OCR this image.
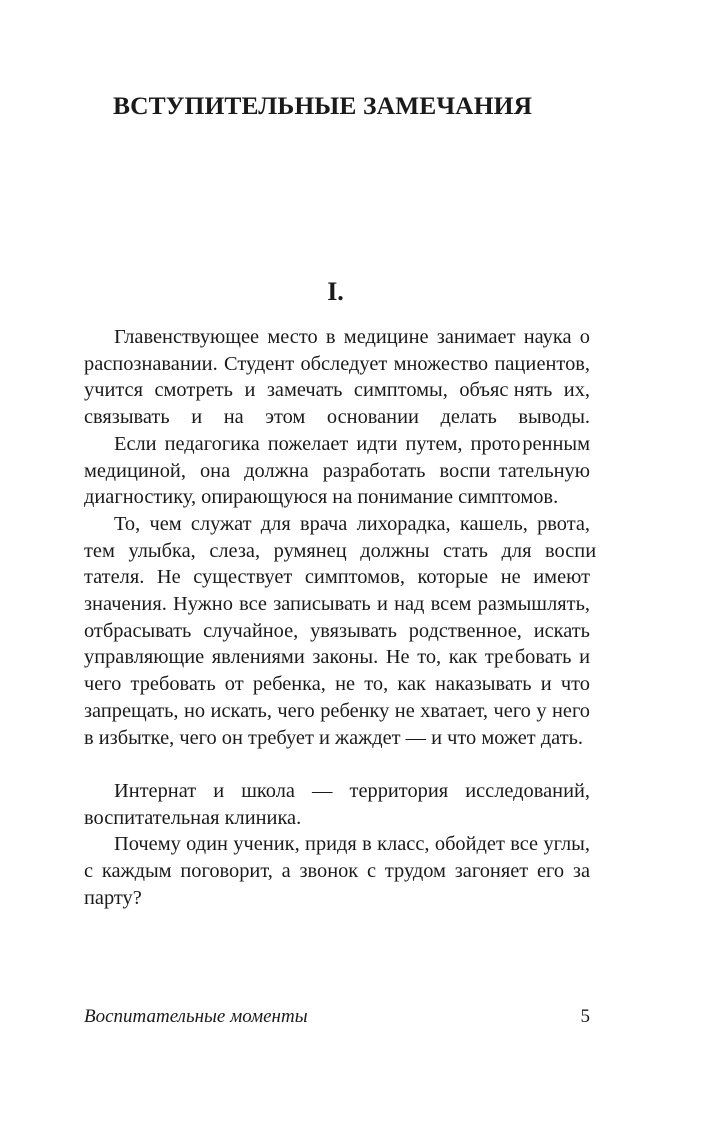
ВСТУПИТЕЛЬНЫЕ ЗАМЕЧАНИЯ
I.

Главенствующее место в медицине занимает наука о распознавании. Студент обследует множество паци ентов, учится смотреть и замечать симптомы, объяс нять их, связывать и на этом основании делать выводы.

Если педагогика пожелает идти путем, прото ренным медициной, она должна разработать воспи тательную диагностику, опирающуюся на понимание симптомов.

То, чем служат для врача лихорадка, кашель, рвота, тем улыбка, слеза, румянец должны стать для воспи тателя. Не существует симптомов, которые не имеют значения. Нужно все записывать и над всем размыш лять, отбрасывать случайное, увязывать родственное, искать управляющие явлениями законы. Не то, как тре бовать и чего требовать от ребенка, не то, как наказывать и что запрещать, но искать, чего ребенку не хватает, чего у него в избытке, чего он требует и жаждет — и что может дать.

Интернат и школа — территория исследований, воспитательная клиника.

Почему один ученик, придя в класс, обойдет все углы, с каждым поговорит, а звонок с трудом загоняет его за парту?

Воспитательные моменты	5
